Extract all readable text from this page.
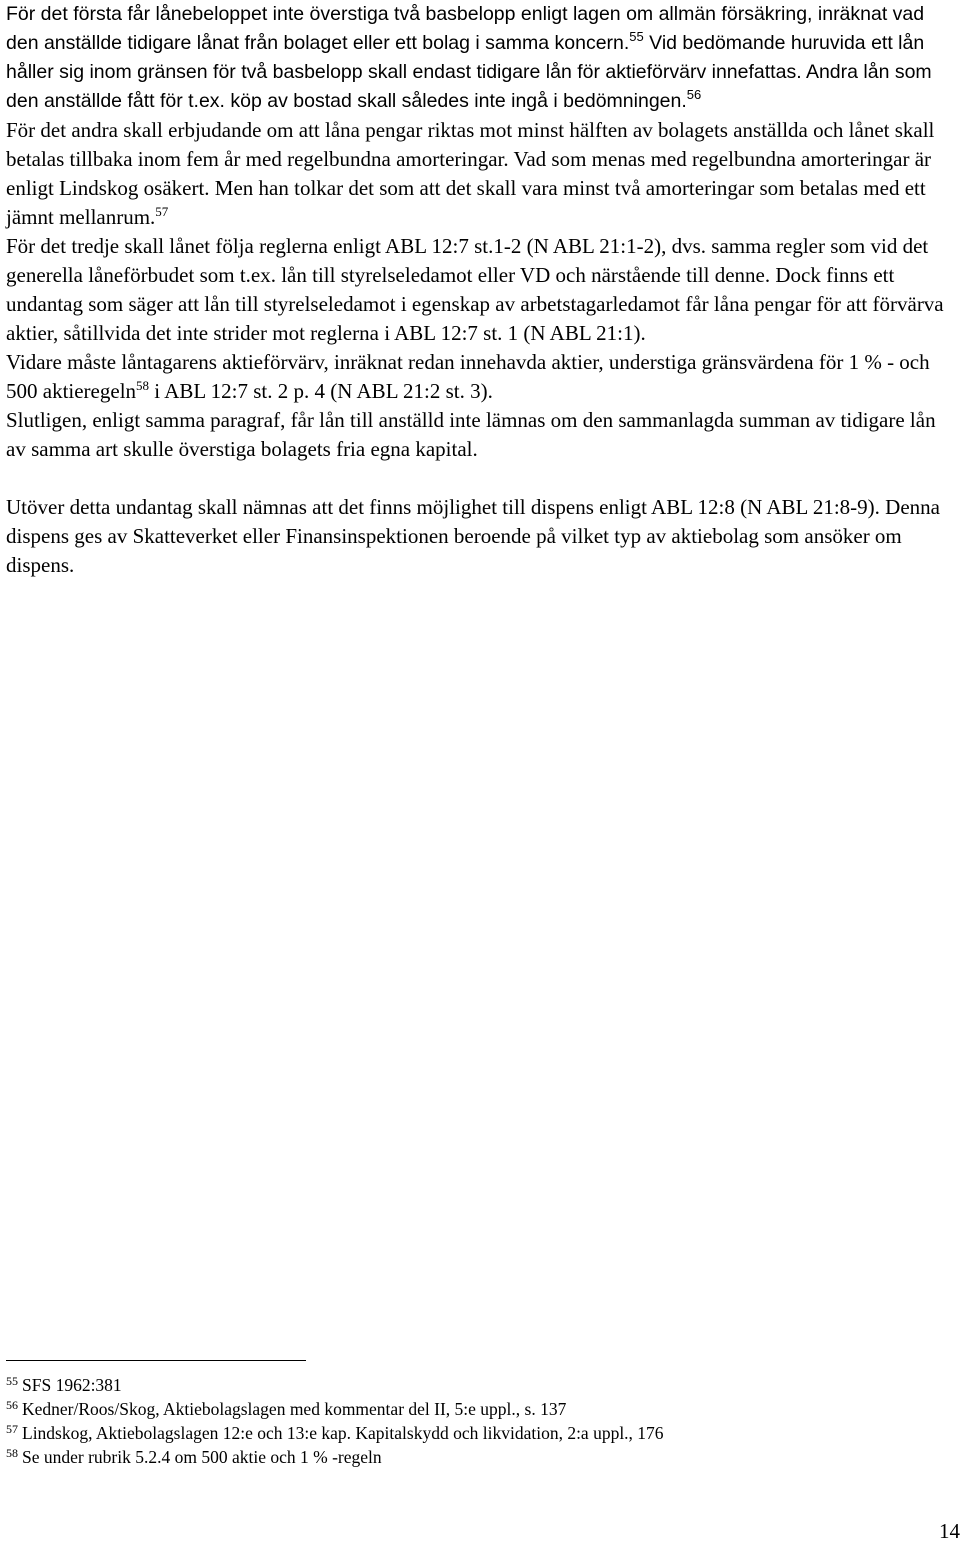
För det första får lånebeloppet inte överstiga två basbelopp enligt lagen om allmän försäkring, inräknat vad den anställde tidigare lånat från bolaget eller ett bolag i samma koncern.$^{55}$ Vid bedömande huruvida ett lån håller sig inom gränsen för två basbelopp skall endast tidigare lån för aktieförvärv innefattas. Andra lån som den anställde fått för t.ex. köp av bostad skall således inte ingå i bedömningen.$^{56}$

För det andra skall erbjudande om att låna pengar riktas mot minst hälften av bolagets anställda och lånet skall betalas tillbaka inom fem år med regelbundna amorteringar. Vad som menas med regelbundna amorteringar är enligt Lindskog osäkert. Men han tolkar det som att det skall vara minst två amorteringar som betalas med ett jämnt mellanrum.$^{57}$

För det tredje skall lånet följa reglerna enligt ABL 12:7 st.1-2 (N ABL 21:1-2), dvs. samma regler som vid det generella låneförbudet som t.ex. lån till styrelseledamot eller VD och närstående till denne. Dock finns ett undantag som säger att lån till styrelseledamot i egenskap av arbetstagarledamot får låna pengar för att förvärva aktier, såtillvida det inte strider mot reglerna i ABL 12:7 st. 1 (N ABL 21:1).

Vidare måste låntagarens aktieförvärv, inräknat redan innehavda aktier, understiga gränsvärdena för 1 % - och 500 aktieregeln$^{58}$ i ABL 12:7 st. 2 p. 4 (N ABL 21:2 st. 3).

Slutligen, enligt samma paragraf, får lån till anställd inte lämnas om den sammanlagda summan av tidigare lån av samma art skulle överstiga bolagets fria egna kapital.

Utöver detta undantag skall nämnas att det finns möjlighet till dispens enligt ABL 12:8 (N ABL 21:8-9). Denna dispens ges av Skatteverket eller Finansinspektionen beroende på vilket typ av aktiebolag som ansöker om dispens.

$^{55}$ SFS 1962:381
$^{56}$ Kedner/Roos/Skog, Aktiebolagslagen med kommentar del II, 5:e uppl., s. 137
$^{57}$ Lindskog, Aktiebolagslagen 12:e och 13:e kap. Kapitalskydd och likvidation, 2:a uppl., 176
$^{58}$ Se under rubrik 5.2.4 om 500 aktie och 1 % -regeln
14
